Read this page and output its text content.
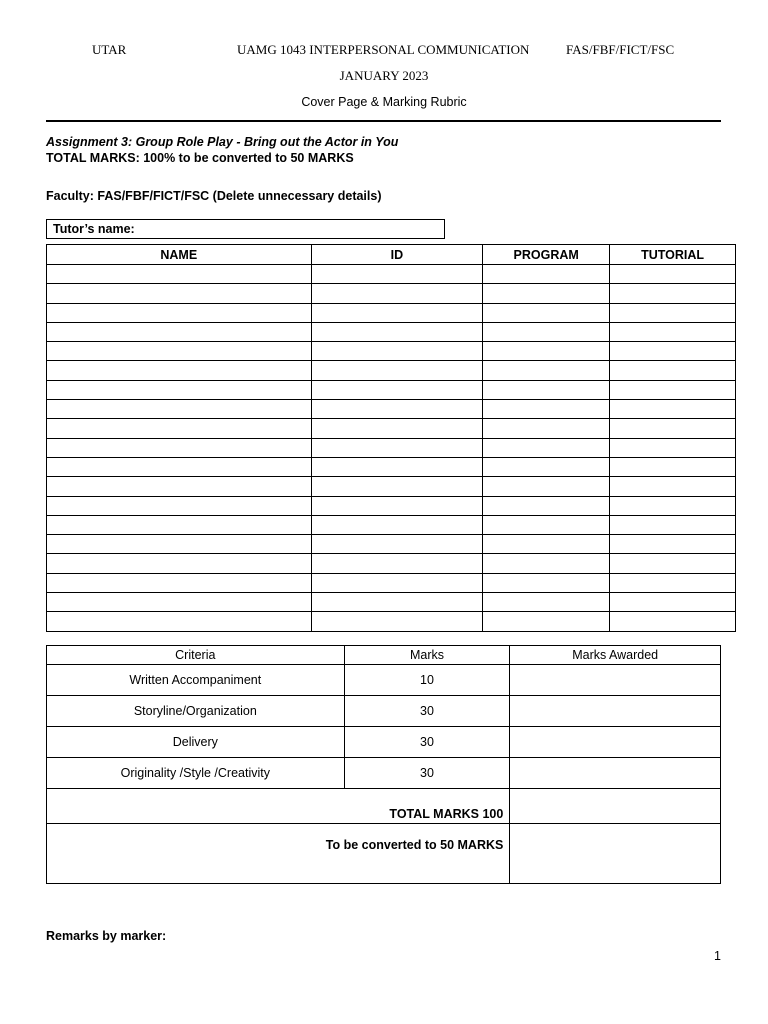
UTAR	UAMG 1043 INTERPERSONAL COMMUNICATION	FAS/FBF/FICT/FSC
JANUARY 2023
Cover Page & Marking Rubric
Assignment 3: Group Role Play - Bring out the Actor in You
TOTAL MARKS: 100% to be converted to 50 MARKS
Faculty: FAS/FBF/FICT/FSC (Delete unnecessary details)
Tutor’s name:
NAME	ID	PROGRAM	TUTORIAL

Criteria	Marks	Marks Awarded
Written Accompaniment	10	
Storyline/Organization	30	
Delivery	30	
Originality /Style /Creativity	30	
TOTAL MARKS 100		
To be converted to 50 MARKS		
Remarks by marker:
1
